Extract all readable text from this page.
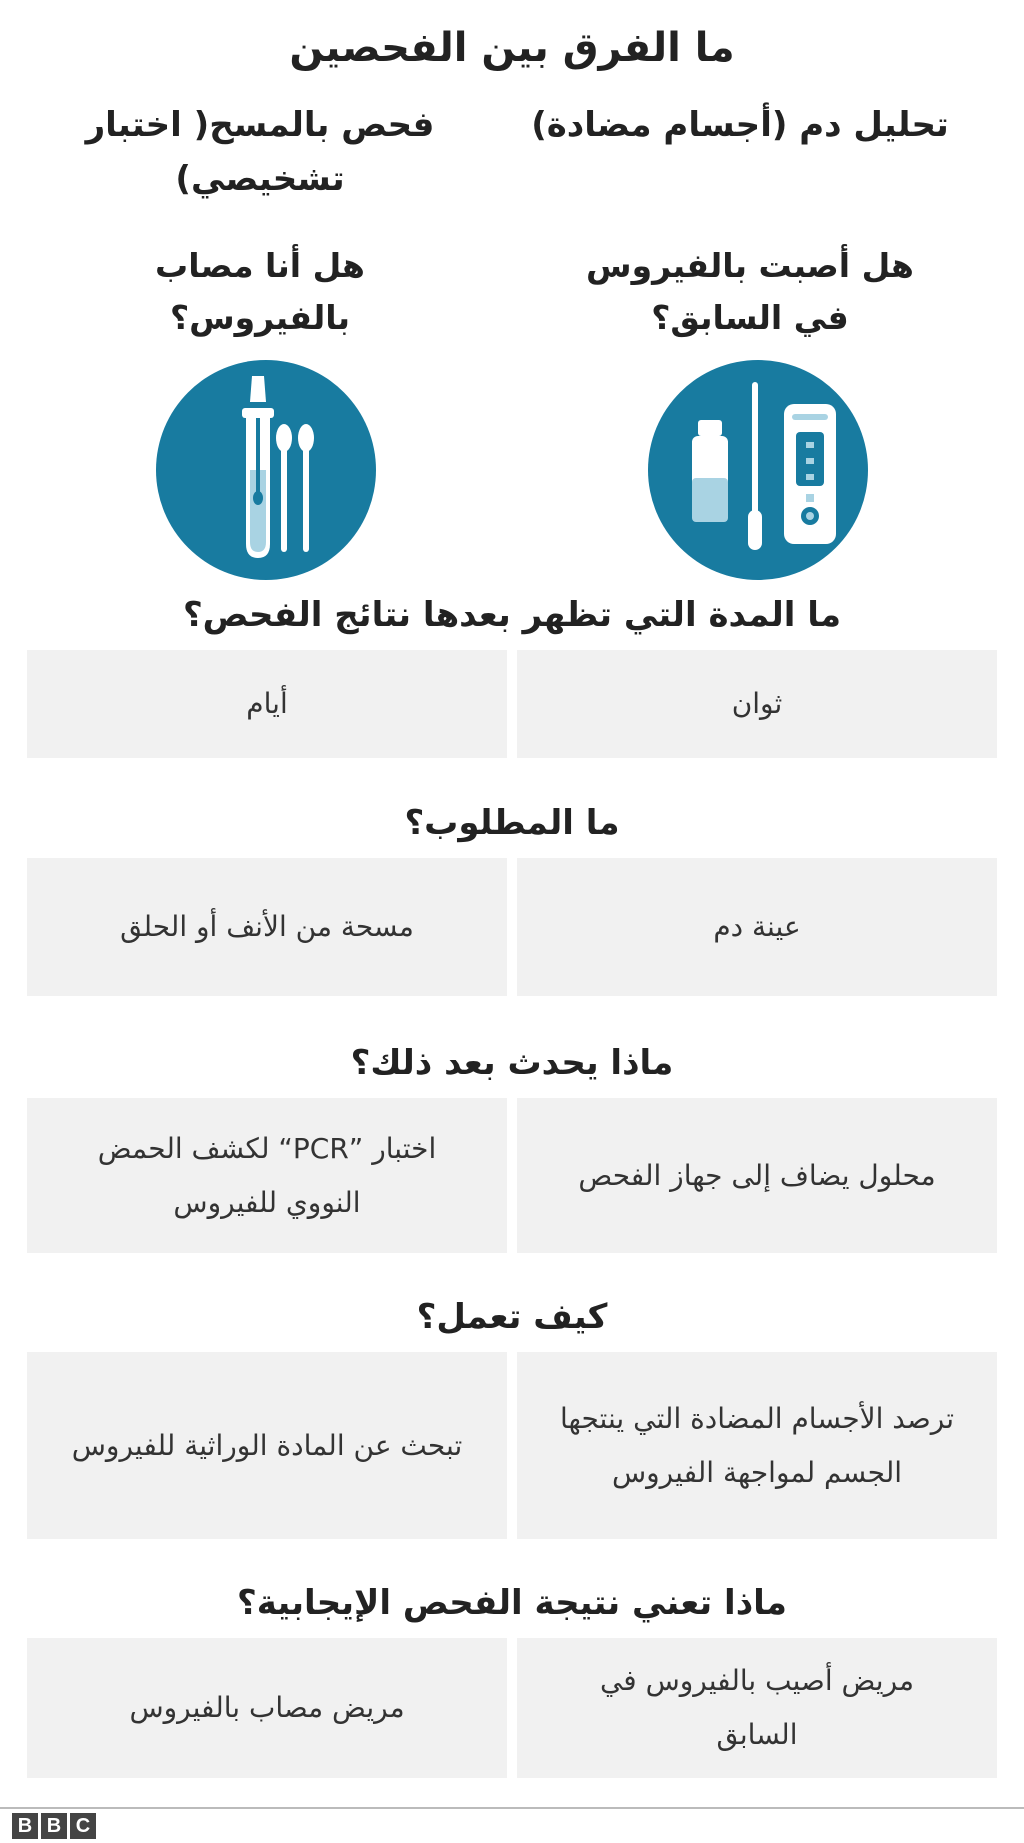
ما الفرق بين الفحصين
تحليل دم (أجسام مضادة)
فحص بالمسح( اختبار تشخيصي)
هل أصبت بالفيروس في السابق؟
هل أنا مصاب بالفيروس؟
ما المدة التي تظهر بعدها نتائج الفحص؟
ثوان
أيام
ما المطلوب؟
عينة دم
مسحة من الأنف أو الحلق
ماذا يحدث بعد ذلك؟
محلول يضاف إلى جهاز الفحص
اختبار ”PCR“ لكشف الحمض النووي للفيروس
كيف تعمل؟
ترصد الأجسام المضادة التي ينتجها الجسم لمواجهة الفيروس
تبحث عن المادة الوراثية للفيروس
ماذا تعني نتيجة الفحص الإيجابية؟
مريض أصيب بالفيروس في السابق
مريض مصاب بالفيروس
B B C
